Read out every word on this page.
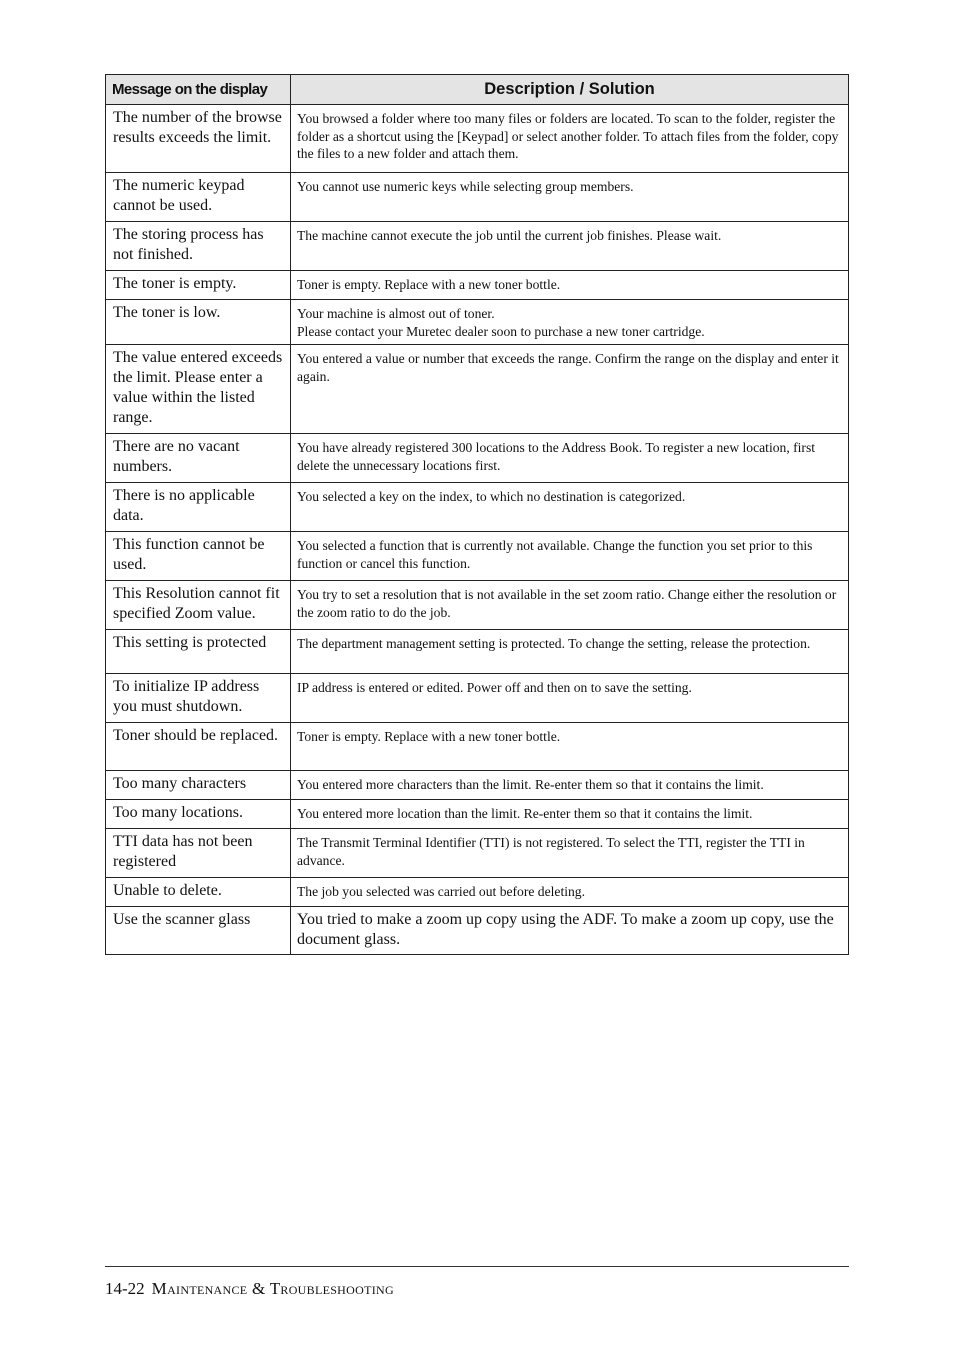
Message on the display	Description / Solution
The number of the browse results exceeds the limit.	You browsed a folder where too many files or folders are located. To scan to the folder, register the folder as a shortcut using the [Keypad] or select another folder. To attach files from the folder, copy the files to a new folder and attach them.
The numeric keypad cannot be used.	You cannot use numeric keys while selecting group members.
The storing process has not finished.	The machine cannot execute the job until the current job finishes. Please wait.
The toner is empty.	Toner is empty. Replace with a new toner bottle.
The toner is low.	Your machine is almost out of toner.
Please contact your Muretec dealer soon to purchase a new toner cartridge.

The value entered exceeds the limit. Please enter a value within the listed range.	You entered a value or number that exceeds the range. Confirm the range on the display and enter it again.
There are no vacant numbers.	You have already registered 300 locations to the Address Book. To register a new location, first delete the unnecessary locations first.
There is no applicable data.	You selected a key on the index, to which no destination is categorized.
This function cannot be used.	You selected a function that is currently not available. Change the function you set prior to this function or cancel this function.
This Resolution cannot fit specified Zoom value.	You try to set a resolution that is not available in the set zoom ratio. Change either the resolution or the zoom ratio to do the job.
This setting is protected	The department management setting is protected. To change the setting, release the protection.
To initialize IP address you must shutdown.	IP address is entered or edited. Power off and then on to save the setting.
Toner should be replaced.	Toner is empty. Replace with a new toner bottle.
Too many characters	You entered more characters than the limit. Re-enter them so that it contains the limit.
Too many locations.	You entered more location than the limit. Re-enter them so that it contains the limit.
TTI data has not been registered	The Transmit Terminal Identifier (TTI) is not registered. To select the TTI, register the TTI in advance.
Unable to delete.	The job you selected was carried out before deleting.
Use the scanner glass	You tried to make a zoom up copy using the ADF. To make a zoom up copy, use the document glass.
14-22 Maintenance & Troubleshooting
